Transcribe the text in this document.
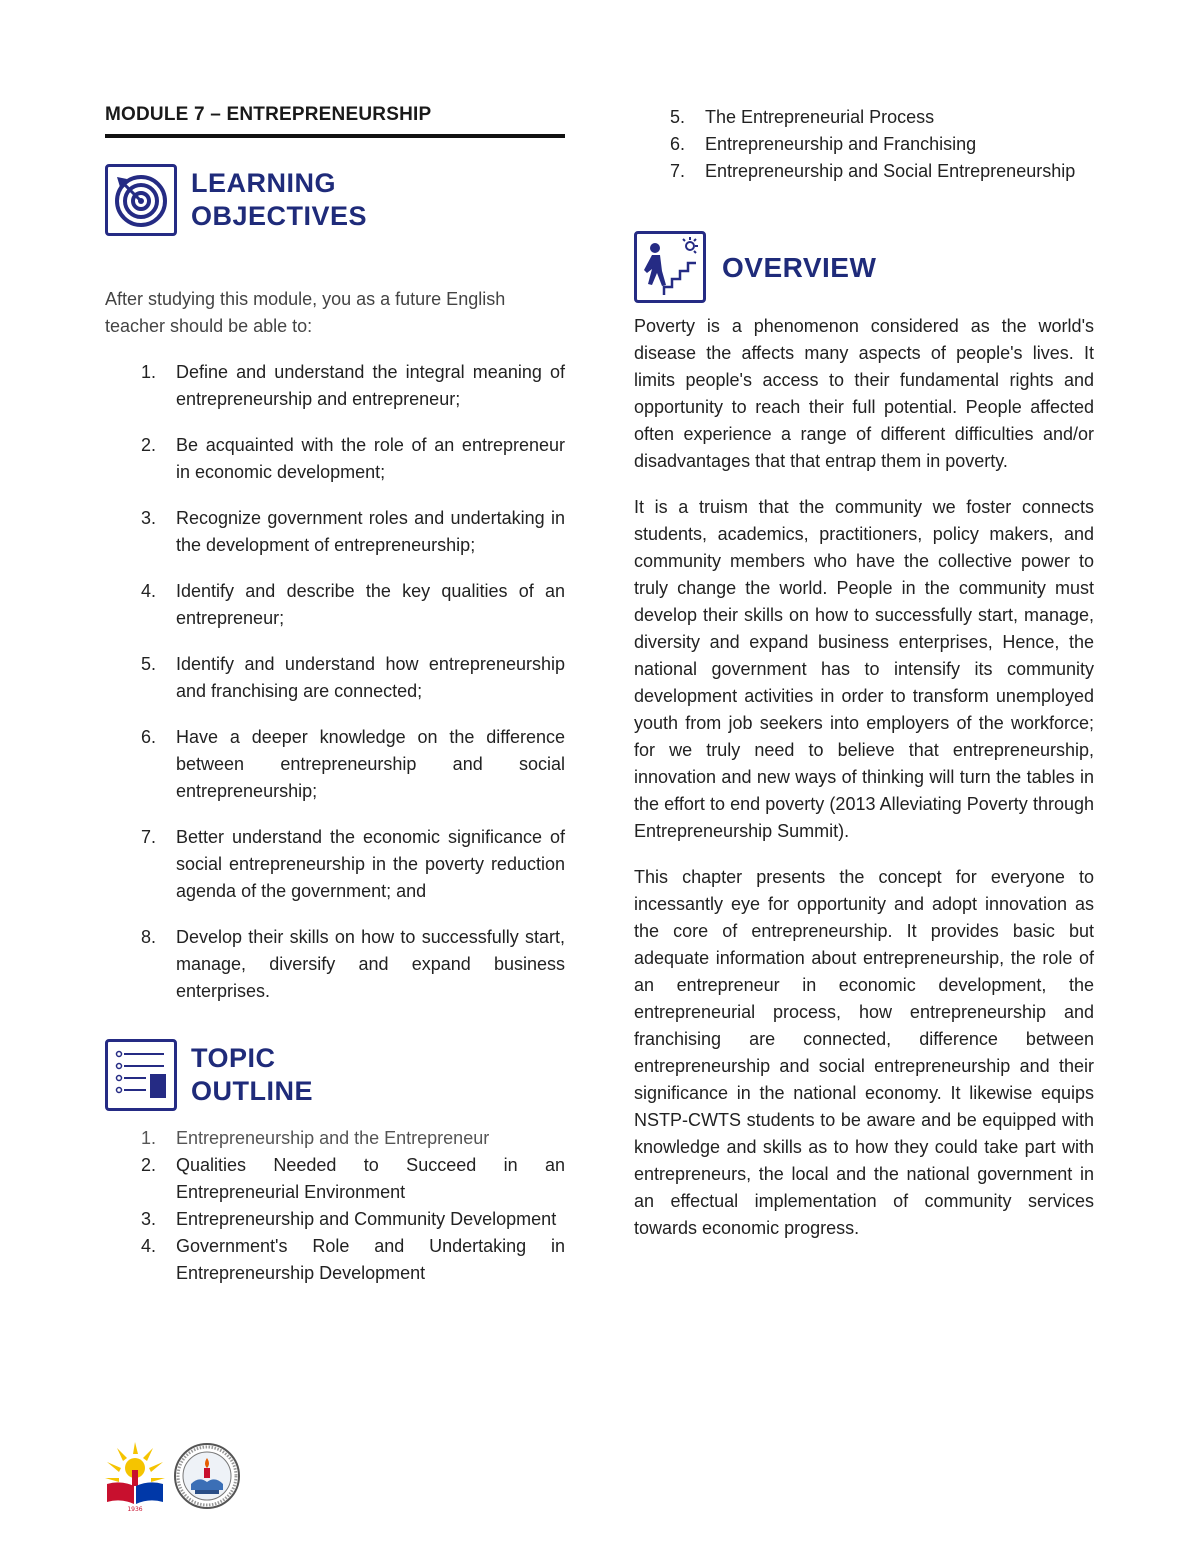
MODULE 7 – ENTREPRENEURSHIP
LEARNING
OBJECTIVES

After studying this module, you as a future English teacher should be able to:

1. Define and understand the integral meaning of entrepreneurship and entrepreneur;
2. Be acquainted with the role of an entrepreneur in economic development;
3. Recognize government roles and undertaking in the development of entrepreneurship;
4. Identify and describe the key qualities of an entrepreneur;
5. Identify and understand how entrepreneurship and franchising are connected;
6. Have a deeper knowledge on the difference between entrepreneurship and social entrepreneurship;
7. Better understand the economic significance of social entrepreneurship in the poverty reduction agenda of the government; and
8. Develop their skills on how to successfully start, manage, diversify and expand business enterprises.
TOPIC
OUTLINE
1. Entrepreneurship and the Entrepreneur
2. Qualities Needed to Succeed in an Entrepreneurial Environment
3. Entrepreneurship and Community Development
4. Government's Role and Undertaking in Entrepreneurship Development
5. The Entrepreneurial Process
6. Entrepreneurship and Franchising
7. Entrepreneurship and Social Entrepreneurship
OVERVIEW

Poverty is a phenomenon considered as the world's disease the affects many aspects of people's lives. It limits people's access to their fundamental rights and opportunity to reach their full potential. People affected often experience a range of different difficulties and/or disadvantages that that entrap them in poverty.

It is a truism that the community we foster connects students, academics, practitioners, policy makers, and community members who have the collective power to truly change the world. People in the community must develop their skills on how to successfully start, manage, diversity and expand business enterprises, Hence, the national government has to intensify its community development activities in order to transform unemployed youth from job seekers into employers of the workforce; for we truly need to believe that entrepreneurship, innovation and new ways of thinking will turn the tables in the effort to end poverty (2013 Alleviating Poverty through Entrepreneurship Summit).

This chapter presents the concept for everyone to incessantly eye for opportunity and adopt innovation as the core of entrepreneurship. It provides basic but adequate information about entrepreneurship, the role of an entrepreneur in economic development, the entrepreneurial process, how entrepreneurship and franchising are connected, difference between entrepreneurship and social entrepreneurship and their significance in the national economy. It likewise equips NSTP-CWTS students to be aware and be equipped with knowledge and skills as to how they could take part with entrepreneurs, the local and the national government in an effectual implementation of community services towards economic progress.

1936
